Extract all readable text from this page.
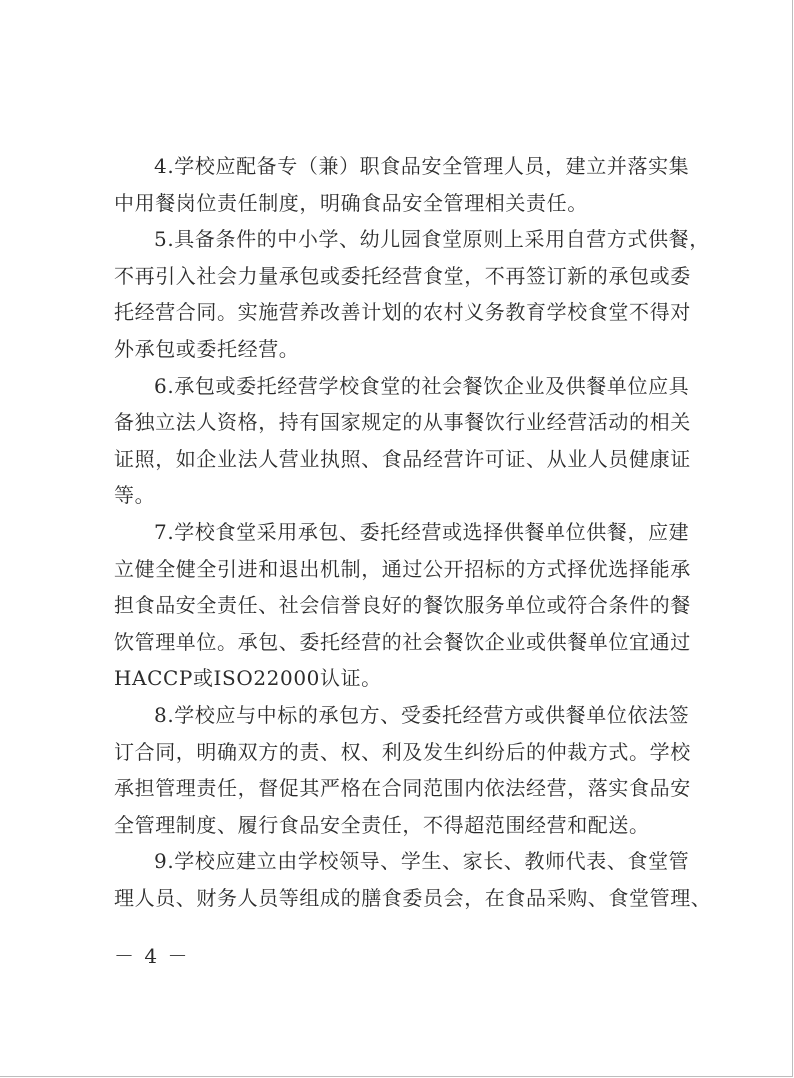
4.学校应配备专（兼）职食品安全管理人员，建立并落实集
中用餐岗位责任制度，明确食品安全管理相关责任。
5.具备条件的中小学、幼儿园食堂原则上采用自营方式供餐，
不再引入社会力量承包或委托经营食堂，不再签订新的承包或委
托经营合同。实施营养改善计划的农村义务教育学校食堂不得对
外承包或委托经营。
6.承包或委托经营学校食堂的社会餐饮企业及供餐单位应具
备独立法人资格，持有国家规定的从事餐饮行业经营活动的相关
证照，如企业法人营业执照、食品经营许可证、从业人员健康证
等。
7.学校食堂采用承包、委托经营或选择供餐单位供餐，应建
立健全健全引进和退出机制，通过公开招标的方式择优选择能承
担食品安全责任、社会信誉良好的餐饮服务单位或符合条件的餐
饮管理单位。承包、委托经营的社会餐饮企业或供餐单位宜通过
HACCP或ISO22000认证。
8.学校应与中标的承包方、受委托经营方或供餐单位依法签
订合同，明确双方的责、权、利及发生纠纷后的仲裁方式。学校
承担管理责任，督促其严格在合同范围内依法经营，落实食品安
全管理制度、履行食品安全责任，不得超范围经营和配送。
9.学校应建立由学校领导、学生、家长、教师代表、食堂管
理人员、财务人员等组成的膳食委员会，在食品采购、食堂管理、
－ 4 －
